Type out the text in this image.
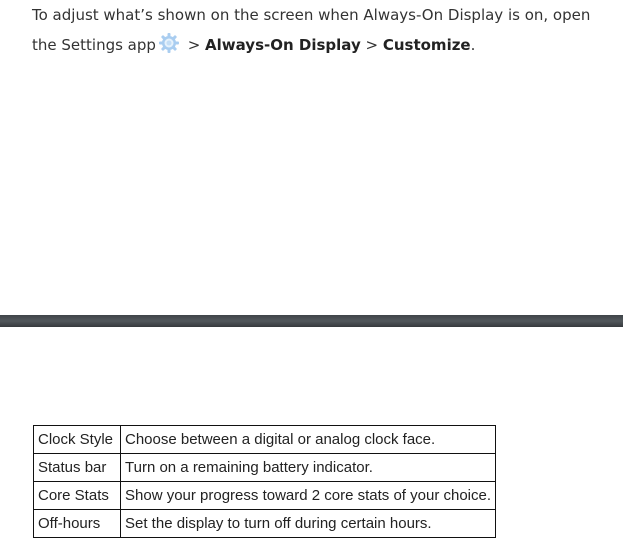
To adjust what’s shown on the screen when Always-On Display is on, open the Settings app > Always-On Display > Customize.
Clock Style	Choose between a digital or analog clock face.
Status bar	Turn on a remaining battery indicator.
Core Stats	Show your progress toward 2 core stats of your choice.
Off-hours	Set the display to turn off during certain hours.
